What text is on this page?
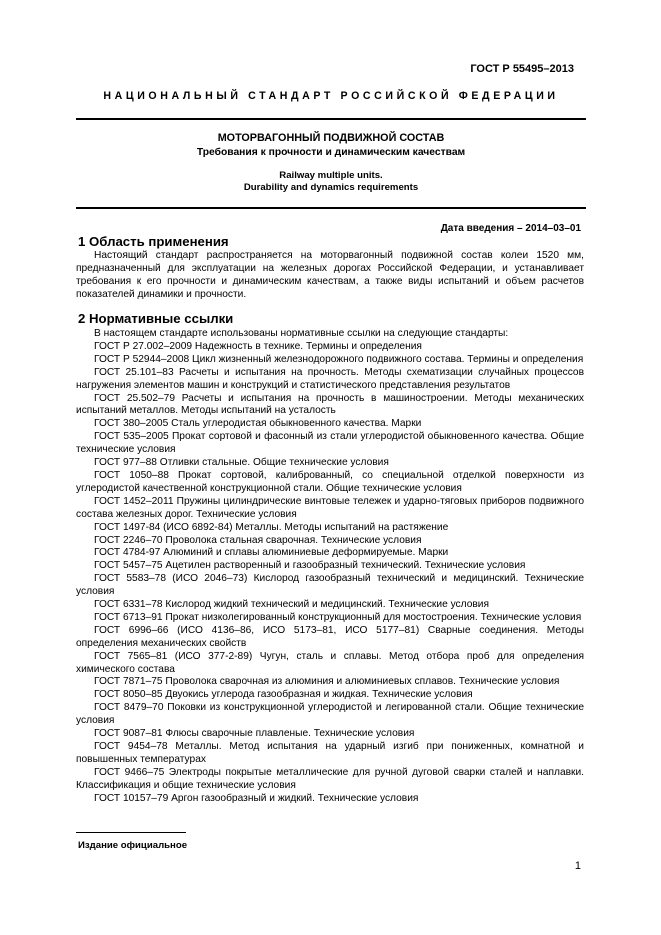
ГОСТ Р 55495–2013
НАЦИОНАЛЬНЫЙ СТАНДАРТ РОССИЙСКОЙ ФЕДЕРАЦИИ
МОТОРВАГОННЫЙ ПОДВИЖНОЙ СОСТАВ
Требования к прочности и динамическим качествам
Railway multiple units.
Durability and dynamics requirements
Дата введения – 2014–03–01
1 Область применения

Настоящий стандарт распространяется на моторвагонный подвижной состав колеи 1520 мм, предназначенный для эксплуатации на железных дорогах Российской Федерации, и устанавливает требования к его прочности и динамическим качествам, а также виды испытаний и объем расчетов показателей динамики и прочности.

2 Нормативные ссылки

В настоящем стандарте использованы нормативные ссылки на следующие стандарты:

ГОСТ Р 27.002–2009 Надежность в технике. Термины и определения

ГОСТ Р 52944–2008 Цикл жизненный железнодорожного подвижного состава. Термины и определения

ГОСТ 25.101–83 Расчеты и испытания на прочность. Методы схематизации случайных процессов нагружения элементов машин и конструкций и статистического представления результатов

ГОСТ 25.502–79 Расчеты и испытания на прочность в машиностроении. Методы механических испытаний металлов. Методы испытаний на усталость

ГОСТ 380–2005 Сталь углеродистая обыкновенного качества. Марки

ГОСТ 535–2005 Прокат сортовой и фасонный из стали углеродистой обыкновенного качества. Общие технические условия

ГОСТ 977–88 Отливки стальные. Общие технические условия

ГОСТ 1050–88 Прокат сортовой, калиброванный, со специальной отделкой поверхности из углеродистой качественной конструкционной стали. Общие технические условия

ГОСТ 1452–2011 Пружины цилиндрические винтовые тележек и ударно-тяговых приборов подвижного состава железных дорог. Технические условия

ГОСТ 1497-84 (ИСО 6892-84) Металлы. Методы испытаний на растяжение

ГОСТ 2246–70 Проволока стальная сварочная. Технические условия

ГОСТ 4784-97 Алюминий и сплавы алюминиевые деформируемые. Марки

ГОСТ 5457–75 Ацетилен растворенный и газообразный технический. Технические условия

ГОСТ 5583–78 (ИСО 2046–73) Кислород газообразный технический и медицинский. Технические условия

ГОСТ 6331–78 Кислород жидкий технический и медицинский. Технические условия

ГОСТ 6713–91 Прокат низколегированный конструкционный для мостостроения. Технические условия

ГОСТ 6996–66 (ИСО 4136–86, ИСО 5173–81, ИСО 5177–81) Сварные соединения. Методы определения механических свойств

ГОСТ 7565–81 (ИСО 377-2-89) Чугун, сталь и сплавы. Метод отбора проб для определения химического состава

ГОСТ 7871–75 Проволока сварочная из алюминия и алюминиевых сплавов. Технические условия

ГОСТ 8050–85 Двуокись углерода газообразная и жидкая. Технические условия

ГОСТ 8479–70 Поковки из конструкционной углеродистой и легированной стали. Общие технические условия

ГОСТ 9087–81 Флюсы сварочные плавленые. Технические условия

ГОСТ 9454–78 Металлы. Метод испытания на ударный изгиб при пониженных, комнатной и повышенных температурах

ГОСТ 9466–75 Электроды покрытые металлические для ручной дуговой сварки сталей и наплавки. Классификация и общие технические условия

ГОСТ 10157–79 Аргон газообразный и жидкий. Технические условия

Издание официальное
1
